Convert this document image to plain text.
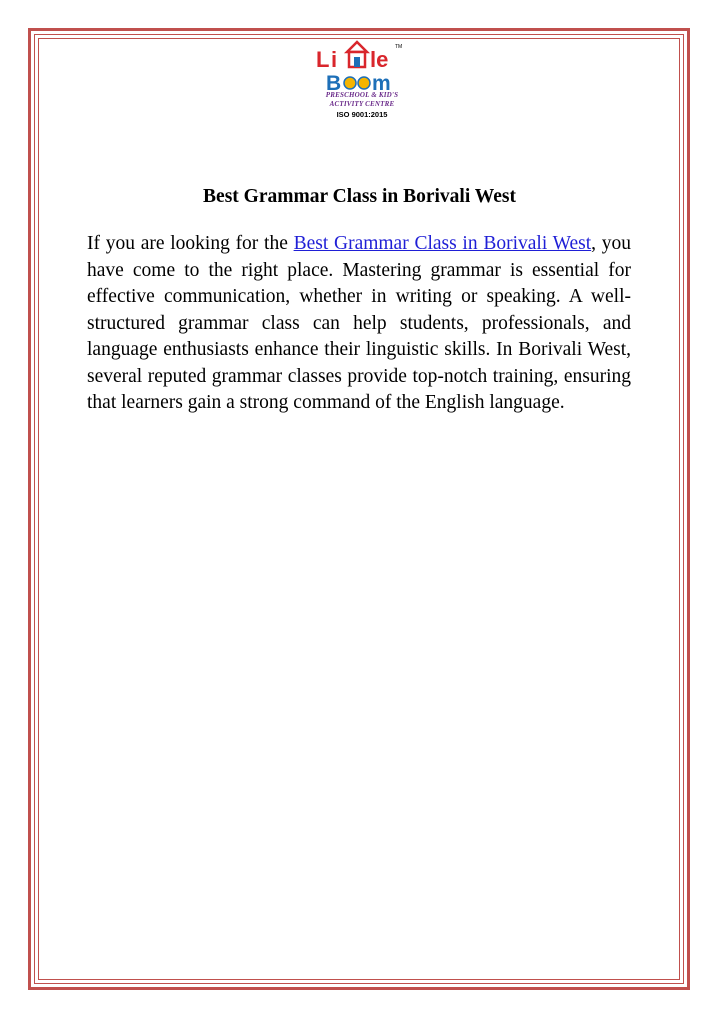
L i le TM
B m
PRESCHOOL & KID'S
ACTIVITY CENTRE
ISO 9001:2015
Best Grammar Class in Borivali West
If you are looking for the Best Grammar Class in Borivali West, you have come to the right place. Mastering grammar is essential for effective communication, whether in writing or speaking. A well-structured grammar class can help students, professionals, and language enthusiasts enhance their linguistic skills. In Borivali West, several reputed grammar classes provide top-notch training, ensuring that learners gain a strong command of the English language.
